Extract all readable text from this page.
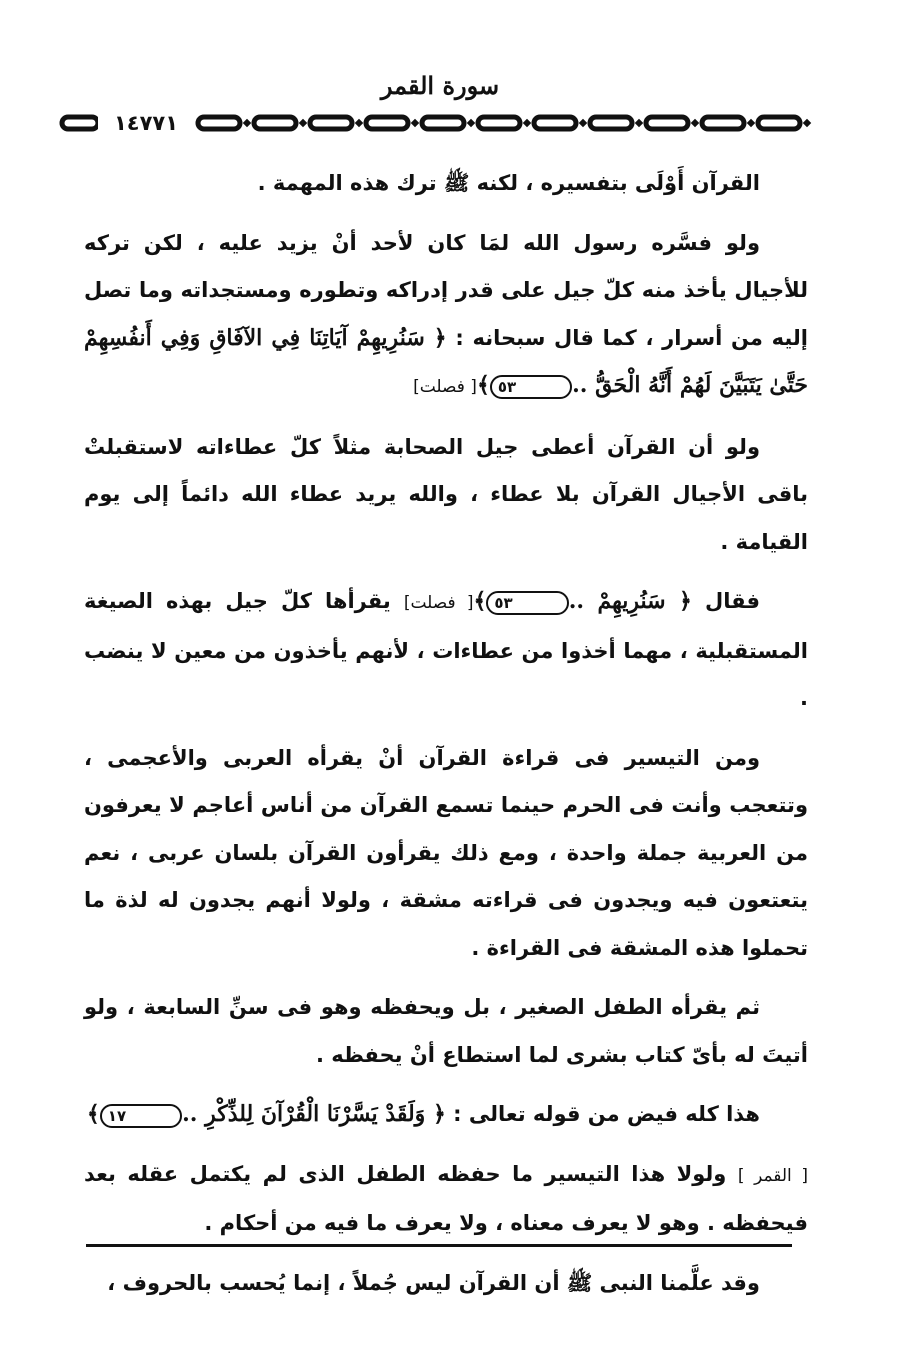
سورة القمر
١٤٧٧١

القرآن أَوْلَى بتفسيره ، لكنه ﷺ ترك هذه المهمة .

ولو فسَّره رسول الله لمَا كان لأحد أنْ يزيد عليه ، لكن تركه للأجيال يأخذ منه كلّ جيل على قدر إدراكه وتطوره ومستجداته وما تصل إليه من أسرار ، كما قال سبحانه : ﴿ سَنُرِيهِمْ آيَاتِنَا فِي الآفَاقِ وَفِي أَنفُسِهِمْ حَتَّىٰ يَتَبَيَّنَ لَهُمْ أَنَّهُ الْحَقُّ ..٥٣﴾[ فصلت]

ولو أن القرآن أعطى جيل الصحابة مثلاً كلّ عطاءاته لاستقبلتْ باقى الأجيال القرآن بلا عطاء ، والله يريد عطاء الله دائماً إلى يوم القيامة .

فقال ﴿ سَنُرِيهِمْ ..٥٣﴾[ فصلت] يقرأها كلّ جيل بهذه الصيغة المستقبلية ، مهما أخذوا من عطاءات ، لأنهم يأخذون من معين لا ينضب .

ومن التيسير فى قراءة القرآن أنْ يقرأه العربى والأعجمى ، وتتعجب وأنت فى الحرم حينما تسمع القرآن من أناس أعاجم لا يعرفون من العربية جملة واحدة ، ومع ذلك يقرأون القرآن بلسان عربى ، نعم يتعتعون فيه ويجدون فى قراءته مشقة ، ولولا أنهم يجدون له لذة ما تحملوا هذه المشقة فى القراءة .

ثم يقرأه الطفل الصغير ، بل ويحفظه وهو فى سنِّ السابعة ، ولو أتيتَ له بأىّ كتاب بشرى لما استطاع أنْ يحفظه .

هذا كله فيض من قوله تعالى : ﴿ وَلَقَدْ يَسَّرْنَا الْقُرْآنَ لِلذِّكْرِ ..١٧﴾

[ القمر ] ولولا هذا التيسير ما حفظه الطفل الذى لم يكتمل عقله بعد فيحفظه . وهو لا يعرف معناه ، ولا يعرف ما فيه من أحكام .

وقد علَّمنا النبى ﷺ أن القرآن ليس جُملاً ، إنما يُحسب بالحروف ،
